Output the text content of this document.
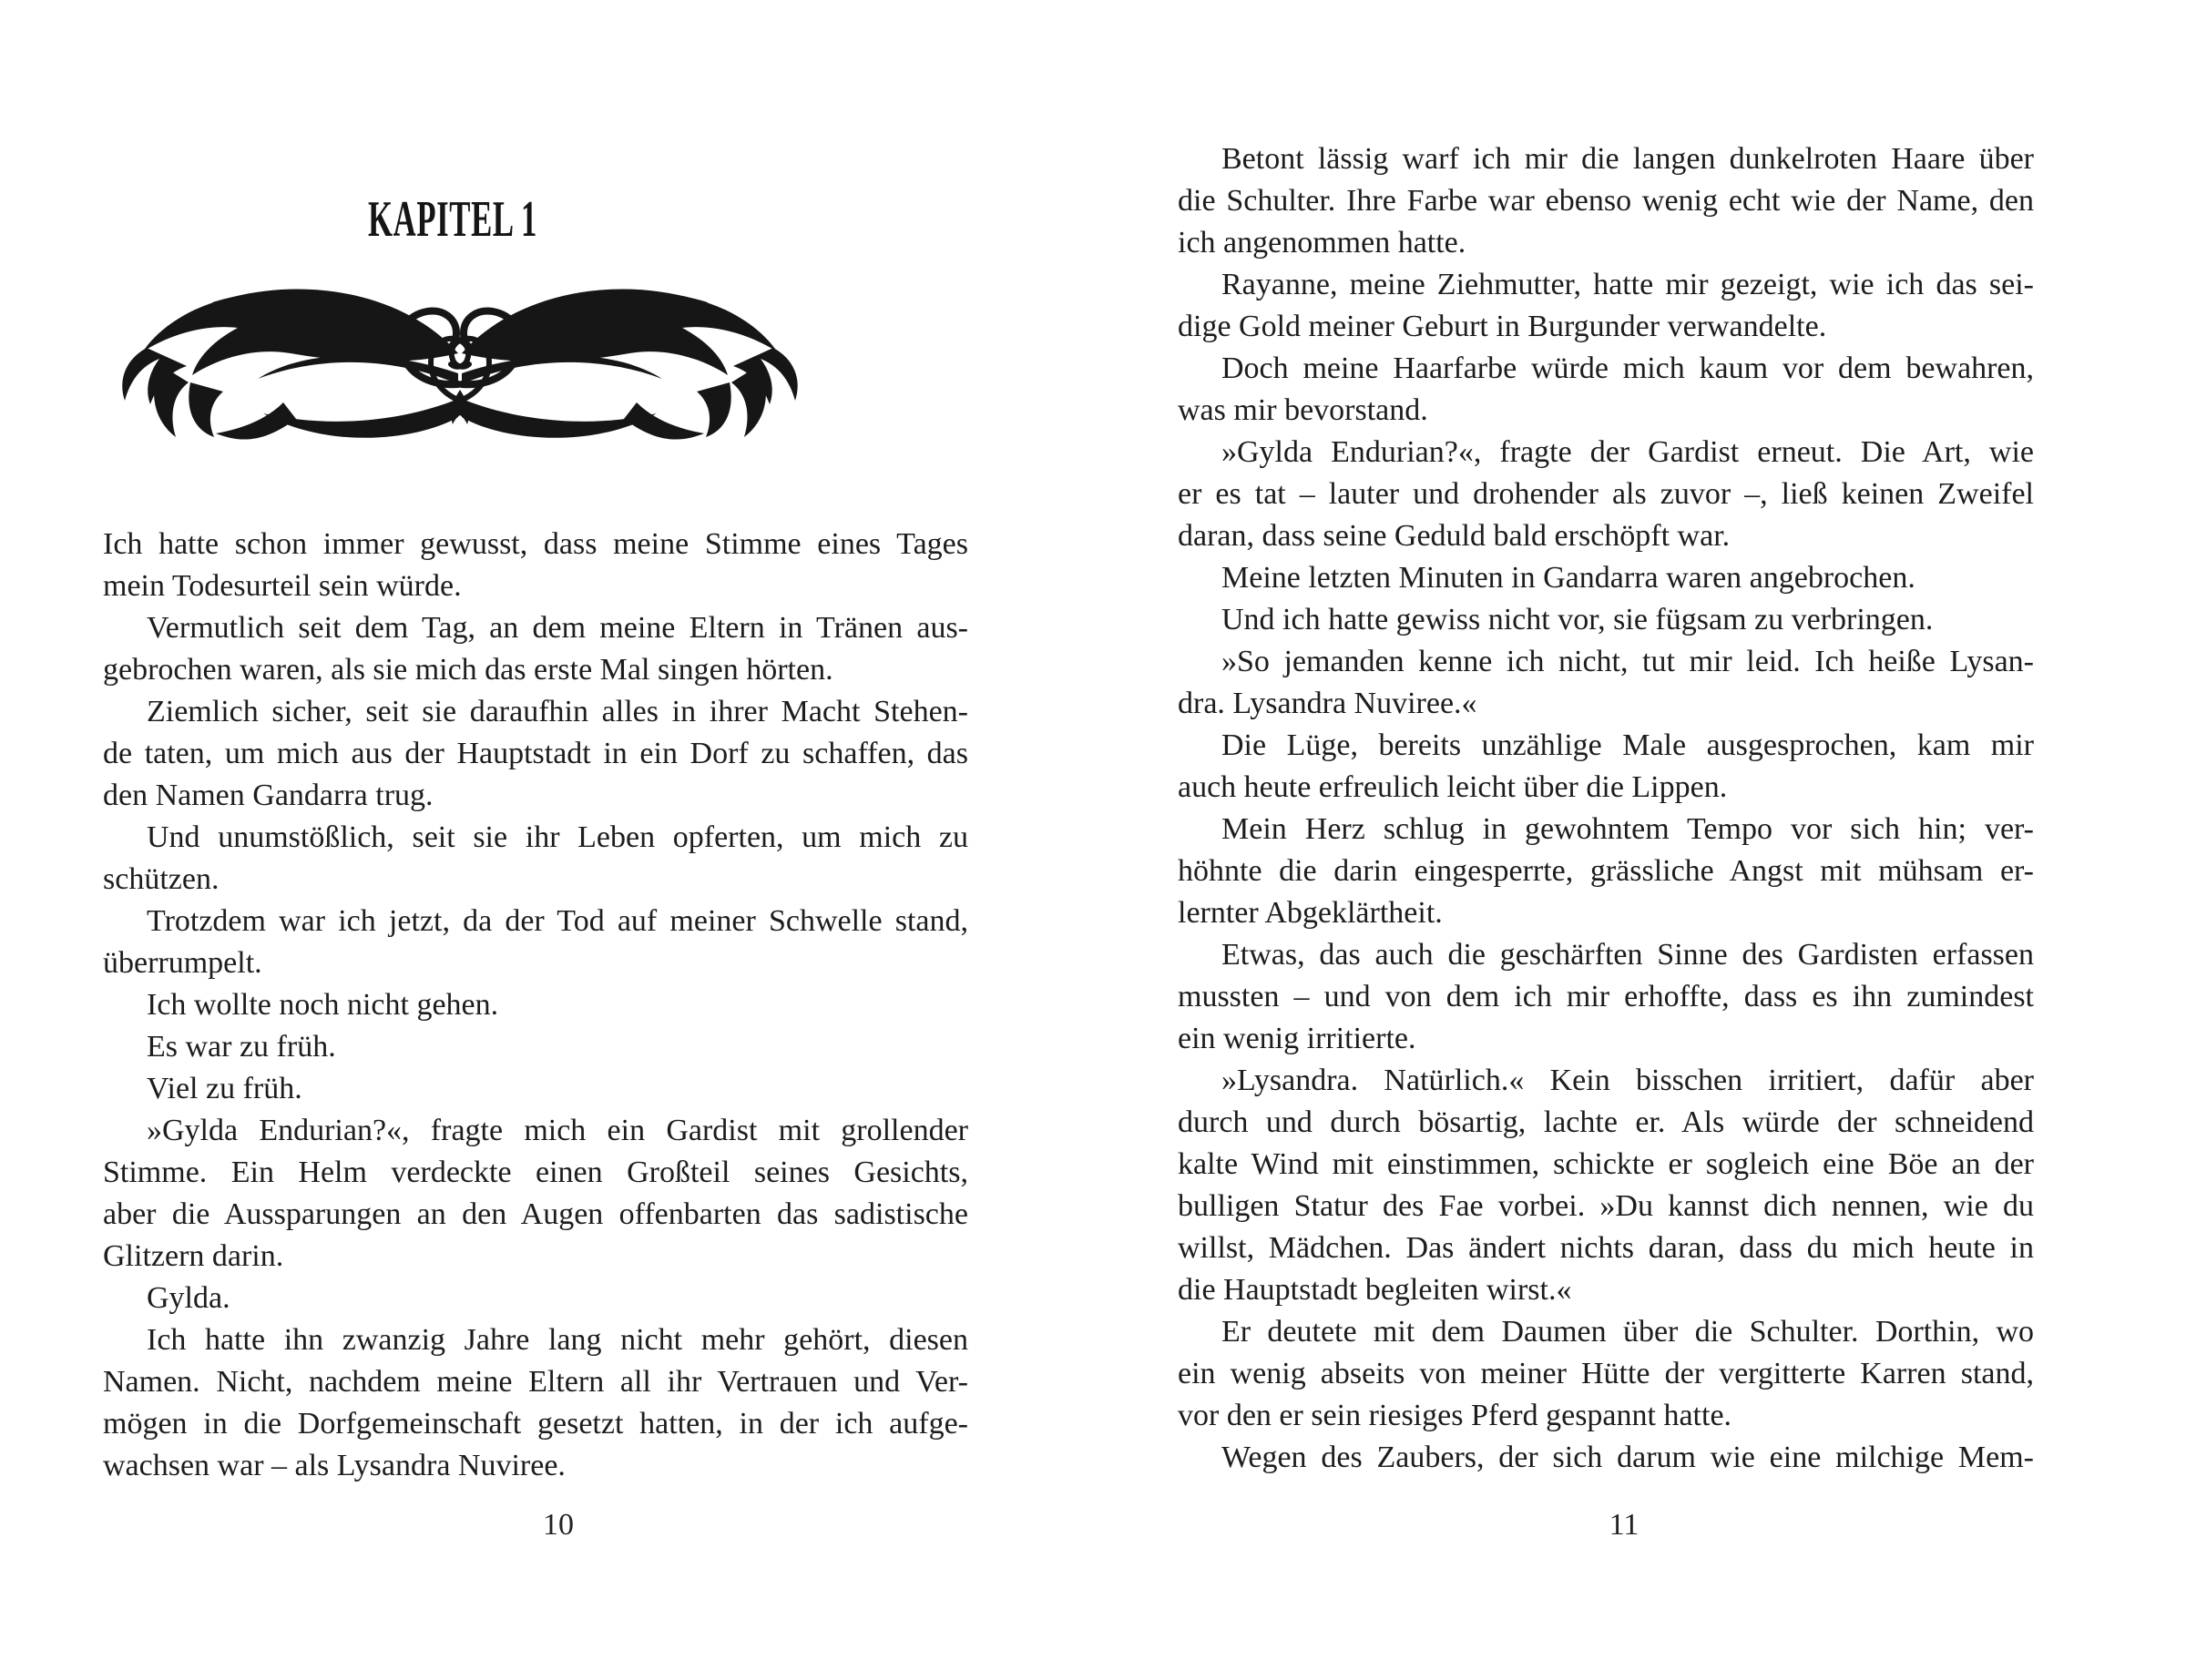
KAPITEL 1
Ich hatte schon immer gewusst, dass meine Stimme eines Tages
mein Todesurteil sein würde.
Vermutlich seit dem Tag, an dem meine Eltern in Tränen aus-
gebrochen waren, als sie mich das erste Mal singen hörten.
Ziemlich sicher, seit sie daraufhin alles in ihrer Macht Stehen-
de taten, um mich aus der Hauptstadt in ein Dorf zu schaffen, das
den Namen Gandarra trug.
Und unumstößlich, seit sie ihr Leben opferten, um mich zu
schützen.
Trotzdem war ich jetzt, da der Tod auf meiner Schwelle stand,
überrumpelt.
Ich wollte noch nicht gehen.
Es war zu früh.
Viel zu früh.
»Gylda Endurian?«, fragte mich ein Gardist mit grollender
Stimme. Ein Helm verdeckte einen Großteil seines Gesichts,
aber die Aussparungen an den Augen offenbarten das sadistische
Glitzern darin.
Gylda.
Ich hatte ihn zwanzig Jahre lang nicht mehr gehört, diesen
Namen. Nicht, nachdem meine Eltern all ihr Vertrauen und Ver-
mögen in die Dorfgemeinschaft gesetzt hatten, in der ich aufge-
wachsen war – als Lysandra Nuviree.
10
Betont lässig warf ich mir die langen dunkelroten Haare über
die Schulter. Ihre Farbe war ebenso wenig echt wie der Name, den
ich angenommen hatte.
Rayanne, meine Ziehmutter, hatte mir gezeigt, wie ich das sei-
dige Gold meiner Geburt in Burgunder verwandelte.
Doch meine Haarfarbe würde mich kaum vor dem bewahren,
was mir bevorstand.
»Gylda Endurian?«, fragte der Gardist erneut. Die Art, wie
er es tat – lauter und drohender als zuvor –, ließ keinen Zweifel
daran, dass seine Geduld bald erschöpft war.
Meine letzten Minuten in Gandarra waren angebrochen.
Und ich hatte gewiss nicht vor, sie fügsam zu verbringen.
»So jemanden kenne ich nicht, tut mir leid. Ich heiße Lysan-
dra. Lysandra Nuviree.«
Die Lüge, bereits unzählige Male ausgesprochen, kam mir
auch heute erfreulich leicht über die Lippen.
Mein Herz schlug in gewohntem Tempo vor sich hin; ver-
höhnte die darin eingesperrte, grässliche Angst mit mühsam er-
lernter Abgeklärtheit.
Etwas, das auch die geschärften Sinne des Gardisten erfassen
mussten – und von dem ich mir erhoffte, dass es ihn zumindest
ein wenig irritierte.
»Lysandra. Natürlich.« Kein bisschen irritiert, dafür aber
durch und durch bösartig, lachte er. Als würde der schneidend
kalte Wind mit einstimmen, schickte er sogleich eine Böe an der
bulligen Statur des Fae vorbei. »Du kannst dich nennen, wie du
willst, Mädchen. Das ändert nichts daran, dass du mich heute in
die Hauptstadt begleiten wirst.«
Er deutete mit dem Daumen über die Schulter. Dorthin, wo
ein wenig abseits von meiner Hütte der vergitterte Karren stand,
vor den er sein riesiges Pferd gespannt hatte.
Wegen des Zaubers, der sich darum wie eine milchige Mem-
11
